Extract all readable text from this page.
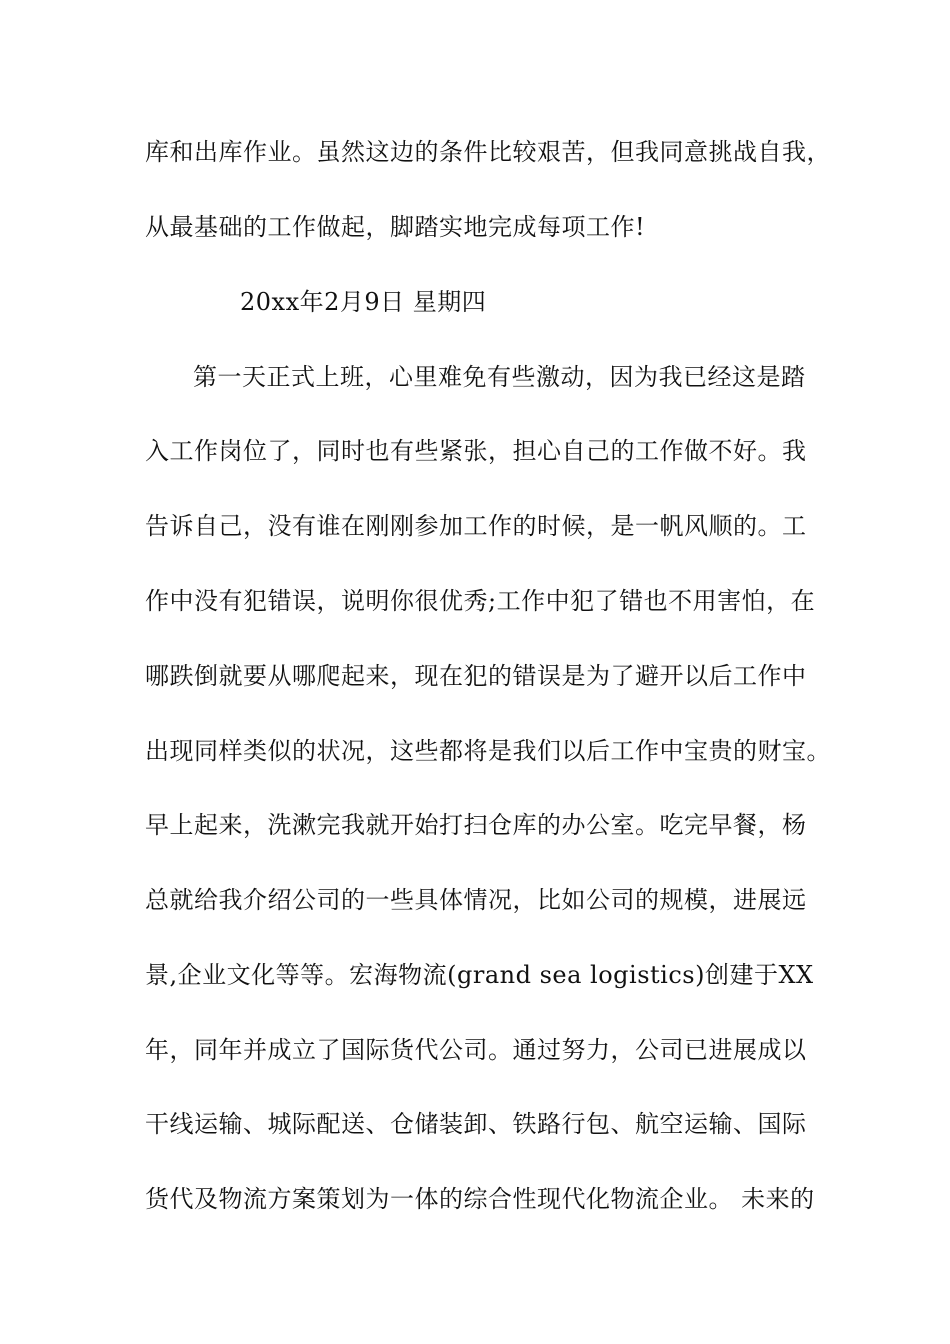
库和出库作业。虽然这边的条件比较艰苦，但我同意挑战自我，
从最基础的工作做起，脚踏实地完成每项工作!
20xx年2月9日 星期四
第一天正式上班，心里难免有些激动，因为我已经这是踏
入工作岗位了，同时也有些紧张，担心自己的工作做不好。我
告诉自己，没有谁在刚刚参加工作的时候，是一帆风顺的。工
作中没有犯错误，说明你很优秀;工作中犯了错也不用害怕，在
哪跌倒就要从哪爬起来，现在犯的错误是为了避开以后工作中
出现同样类似的状况，这些都将是我们以后工作中宝贵的财宝。
早上起来，洗漱完我就开始打扫仓库的办公室。吃完早餐，杨
总就给我介绍公司的一些具体情况，比如公司的规模，进展远
景,企业文化等等。宏海物流(grand sea logistics)创建于XX
年，同年并成立了国际货代公司。通过努力，公司已进展成以
干线运输、城际配送、仓储装卸、铁路行包、航空运输、国际
货代及物流方案策划为一体的综合性现代化物流企业。 未来的
